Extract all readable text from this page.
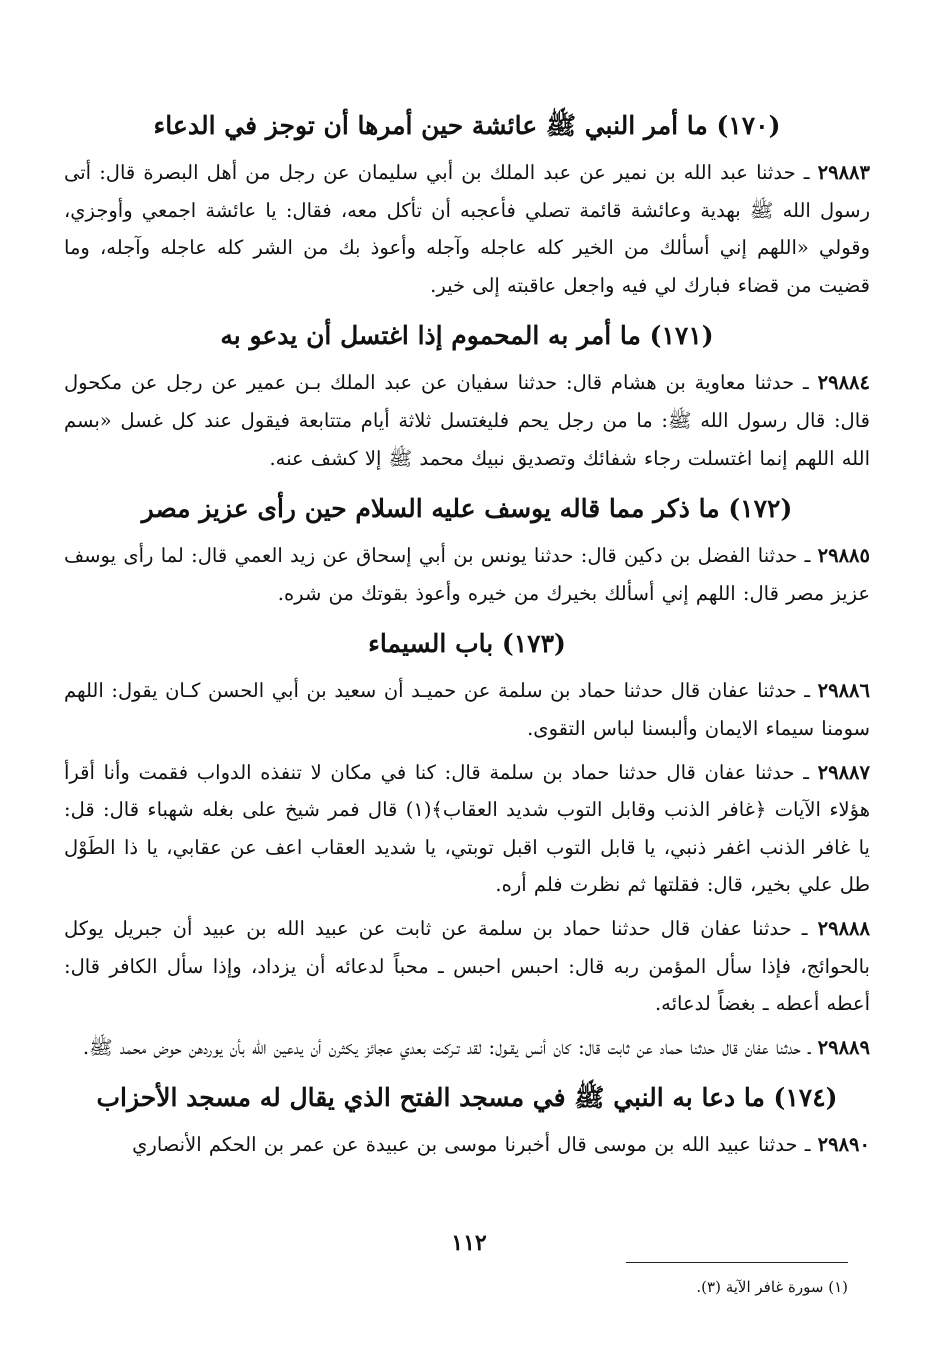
(١٧٠) ما أمر النبي ﷺ عائشة حين أمرها أن توجز في الدعاء

٢٩٨٨٣ ـ حدثنا عبد الله بن نمير عن عبد الملك بن أبي سليمان عن رجل من أهل البصرة قال: أتى رسول الله ﷺ بهدية وعائشة قائمة تصلي فأعجبه أن تأكل معه، فقال: يا عائشة اجمعي وأوجزي، وقولي «اللهم إني أسألك من الخير كله عاجله وآجله وأعوذ بك من الشر كله عاجله وآجله، وما قضيت من قضاء فبارك لي فيه واجعل عاقبته إلى خير.

(١٧١) ما أمر به المحموم إذا اغتسل أن يدعو به

٢٩٨٨٤ ـ حدثنا معاوية بن هشام قال: حدثنا سفيان عن عبد الملك بـن عمير عن رجل عن مكحول قال: قال رسول الله ﷺ: ما من رجل يحم فليغتسل ثلاثة أيام متتابعة فيقول عند كل غسل «بسم الله اللهم إنما اغتسلت رجاء شفائك وتصديق نبيك محمد ﷺ إلا كشف عنه.

(١٧٢) ما ذكر مما قاله يوسف عليه السلام حين رأى عزيز مصر

٢٩٨٨٥ ـ حدثنا الفضل بن دكين قال: حدثنا يونس بن أبي إسحاق عن زيد العمي قال: لما رأى يوسف عزيز مصر قال: اللهم إني أسألك بخيرك من خيره وأعوذ بقوتك من شره.

(١٧٣) باب السيماء

٢٩٨٨٦ ـ حدثنا عفان قال حدثنا حماد بن سلمة عن حميـد أن سعيد بن أبي الحسن كـان يقول: اللهم سومنا سيماء الايمان وألبسنا لباس التقوى.

٢٩٨٨٧ ـ حدثنا عفان قال حدثنا حماد بن سلمة قال: كنا في مكان لا تنفذه الدواب فقمت وأنا أقرأ هؤلاء الآيات ﴿غافر الذنب وقابل التوب شديد العقاب﴾(١) قال فمر شيخ على بغله شهباء قال: قل: يا غافر الذنب اغفر ذنبي، يا قابل التوب اقبل توبتي، يا شديد العقاب اعف عن عقابي، يا ذا الطَوْل طل علي بخير، قال: فقلتها ثم نظرت فلم أره.

٢٩٨٨٨ ـ حدثنا عفان قال حدثنا حماد بن سلمة عن ثابت عن عبيد الله بن عبيد أن جبريل يوكل بالحوائج، فإذا سأل المؤمن ربه قال: احبس احبس ـ محباً لدعائه أن يزداد، وإذا سأل الكافر قال: أعطه أعطه ـ بغضاً لدعائه.

٢٩٨٨٩ ـ حدثنا عفان قال حدثنا حماد عن ثابت قال: كان أنس يقـول: لقد تـركت بعدي عجائز يكثرن أن يدعين الله بأن يوردهن حوض محمد ﷺ.

(١٧٤) ما دعا به النبي ﷺ في مسجد الفتح الذي يقال له مسجد الأحزاب

٢٩٨٩٠ ـ حدثنا عبيد الله بن موسى قال أخبرنا موسى بن عبيدة عن عمر بن الحكم الأنصاري

١١٢
(١) سورة غافر الآية (٣).
